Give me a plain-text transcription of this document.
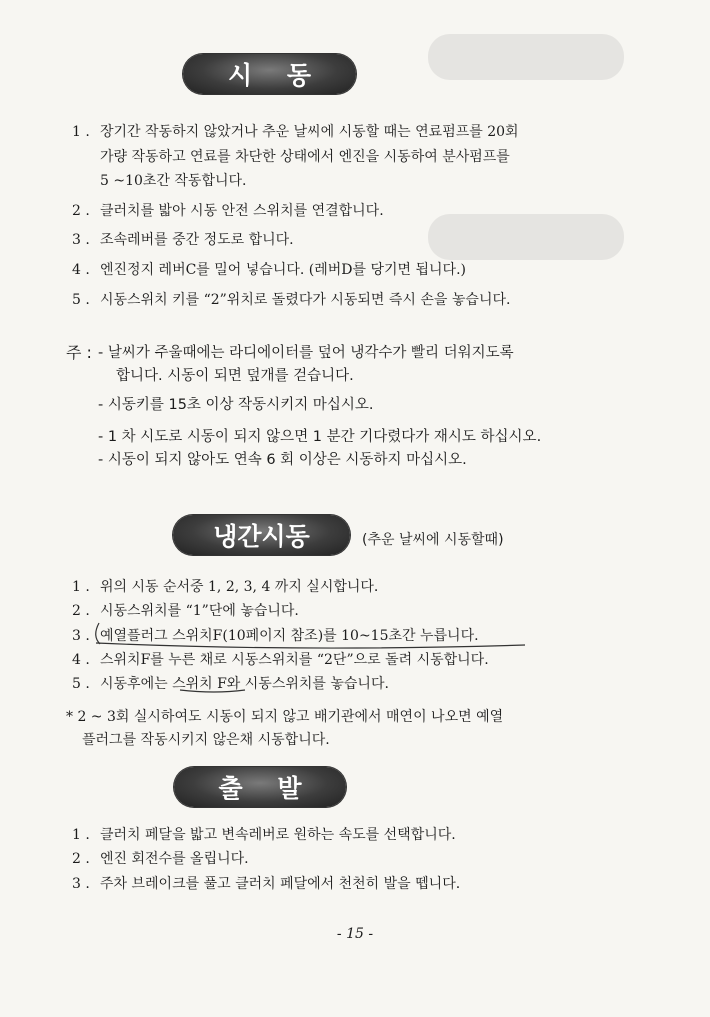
시    동
1 . 장기간 작동하지 않았거나 추운 날씨에 시동할 때는 연료펌프를 20회
가량 작동하고 연료를 차단한 상태에서 엔진을 시동하여 분사펌프를
5 ~10초간 작동합니다.
2 . 클러치를 밟아 시동 안전 스위치를 연결합니다.
3 . 조속레버를 중간 정도로 합니다.
4 . 엔진정지 레버C를 밀어 넣습니다. (레버D를 당기면 됩니다.)
5 . 시동스위치 키를 “2”위치로 돌렸다가 시동되면 즉시 손을 놓습니다.
주 : - 날씨가 주울때에는 라디에이터를 덮어 냉각수가 빨리 더워지도록
합니다. 시동이 되면 덮개를 걷습니다.
- 시동키를 15초 이상 작동시키지 마십시오.
- 1 차 시도로 시동이 되지 않으면 1 분간 기다렸다가 재시도 하십시오.
- 시동이 되지 않아도 연속 6 회 이상은 시동하지 마십시오.
냉간시동	(추운 날씨에 시동할때)
1 . 위의 시동 순서중 1, 2, 3, 4 까지 실시합니다.
2 . 시동스위치를 “1”단에 놓습니다.
3 . 예열플러그 스위치F(10페이지 참조)를 10~15초간 누릅니다.
4 . 스위치F를 누른 채로 시동스위치를 “2단”으로 돌려 시동합니다.
5 . 시동후에는 스위치 F와 시동스위치를 놓습니다.
* 2 ~ 3회 실시하여도 시동이 되지 않고 배기관에서 매연이 나오면 예열
플러그를 작동시키지 않은채 시동합니다.
출    발
1 . 클러치 페달을 밟고 변속레버로 원하는 속도를 선택합니다.
2 . 엔진 회전수를 올립니다.
3 . 주차 브레이크를 풀고 클러치 페달에서 천천히 발을 뗍니다.
- 15 -
